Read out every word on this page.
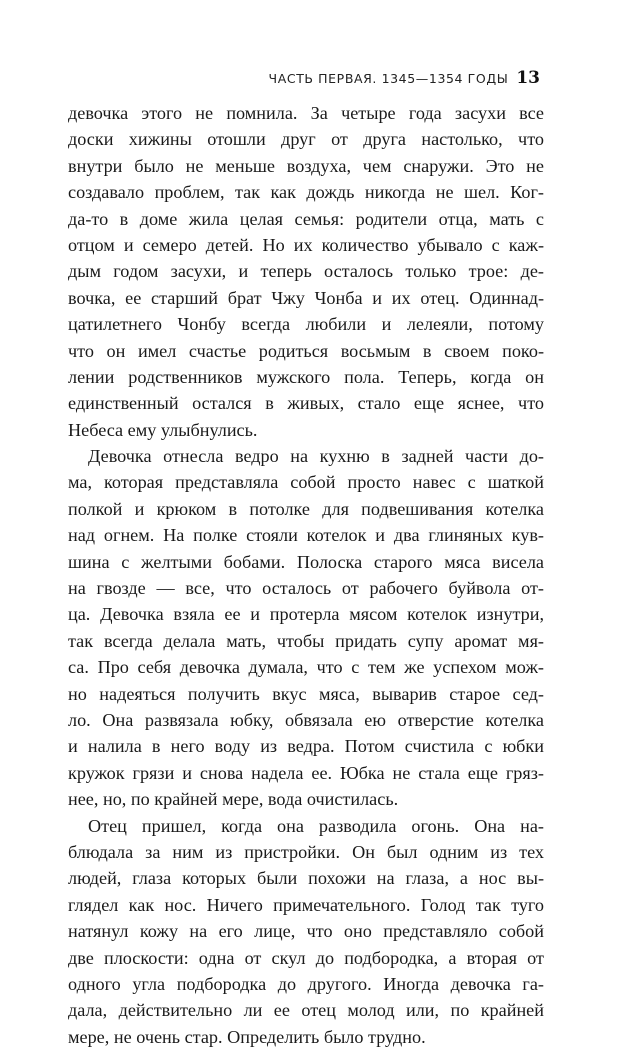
ЧАСТЬ ПЕРВАЯ. 1345—1354 ГОДЫ 13
девочка этого не помнила. За четыре года засухи все
доски хижины отошли друг от друга настолько, что
внутри было не меньше воздуха, чем снаружи. Это не
создавало проблем, так как дождь никогда не шел. Ког-
да-то в доме жила целая семья: родители отца, мать с
отцом и семеро детей. Но их количество убывало с каж-
дым годом засухи, и теперь осталось только трое: де-
вочка, ее старший брат Чжу Чонба и их отец. Одиннад-
цатилетнего Чонбу всегда любили и лелеяли, потому
что он имел счастье родиться восьмым в своем поко-
лении родственников мужского пола. Теперь, когда он
единственный остался в живых, стало еще яснее, что
Небеса ему улыбнулись.
Девочка отнесла ведро на кухню в задней части до-
ма, которая представляла собой просто навес с шаткой
полкой и крюком в потолке для подвешивания котелка
над огнем. На полке стояли котелок и два глиняных кув-
шина с желтыми бобами. Полоска старого мяса висела
на гвозде — все, что осталось от рабочего буйвола от-
ца. Девочка взяла ее и протерла мясом котелок изнутри,
так всегда делала мать, чтобы придать супу аромат мя-
са. Про себя девочка думала, что с тем же успехом мож-
но надеяться получить вкус мяса, выварив старое сед-
ло. Она развязала юбку, обвязала ею отверстие котелка
и налила в него воду из ведра. Потом счистила с юбки
кружок грязи и снова надела ее. Юбка не стала еще гряз-
нее, но, по крайней мере, вода очистилась.
Отец пришел, когда она разводила огонь. Она на-
блюдала за ним из пристройки. Он был одним из тех
людей, глаза которых были похожи на глаза, а нос вы-
глядел как нос. Ничего примечательного. Голод так туго
натянул кожу на его лице, что оно представляло собой
две плоскости: одна от скул до подбородка, а вторая от
одного угла подбородка до другого. Иногда девочка га-
дала, действительно ли ее отец молод или, по крайней
мере, не очень стар. Определить было трудно.
